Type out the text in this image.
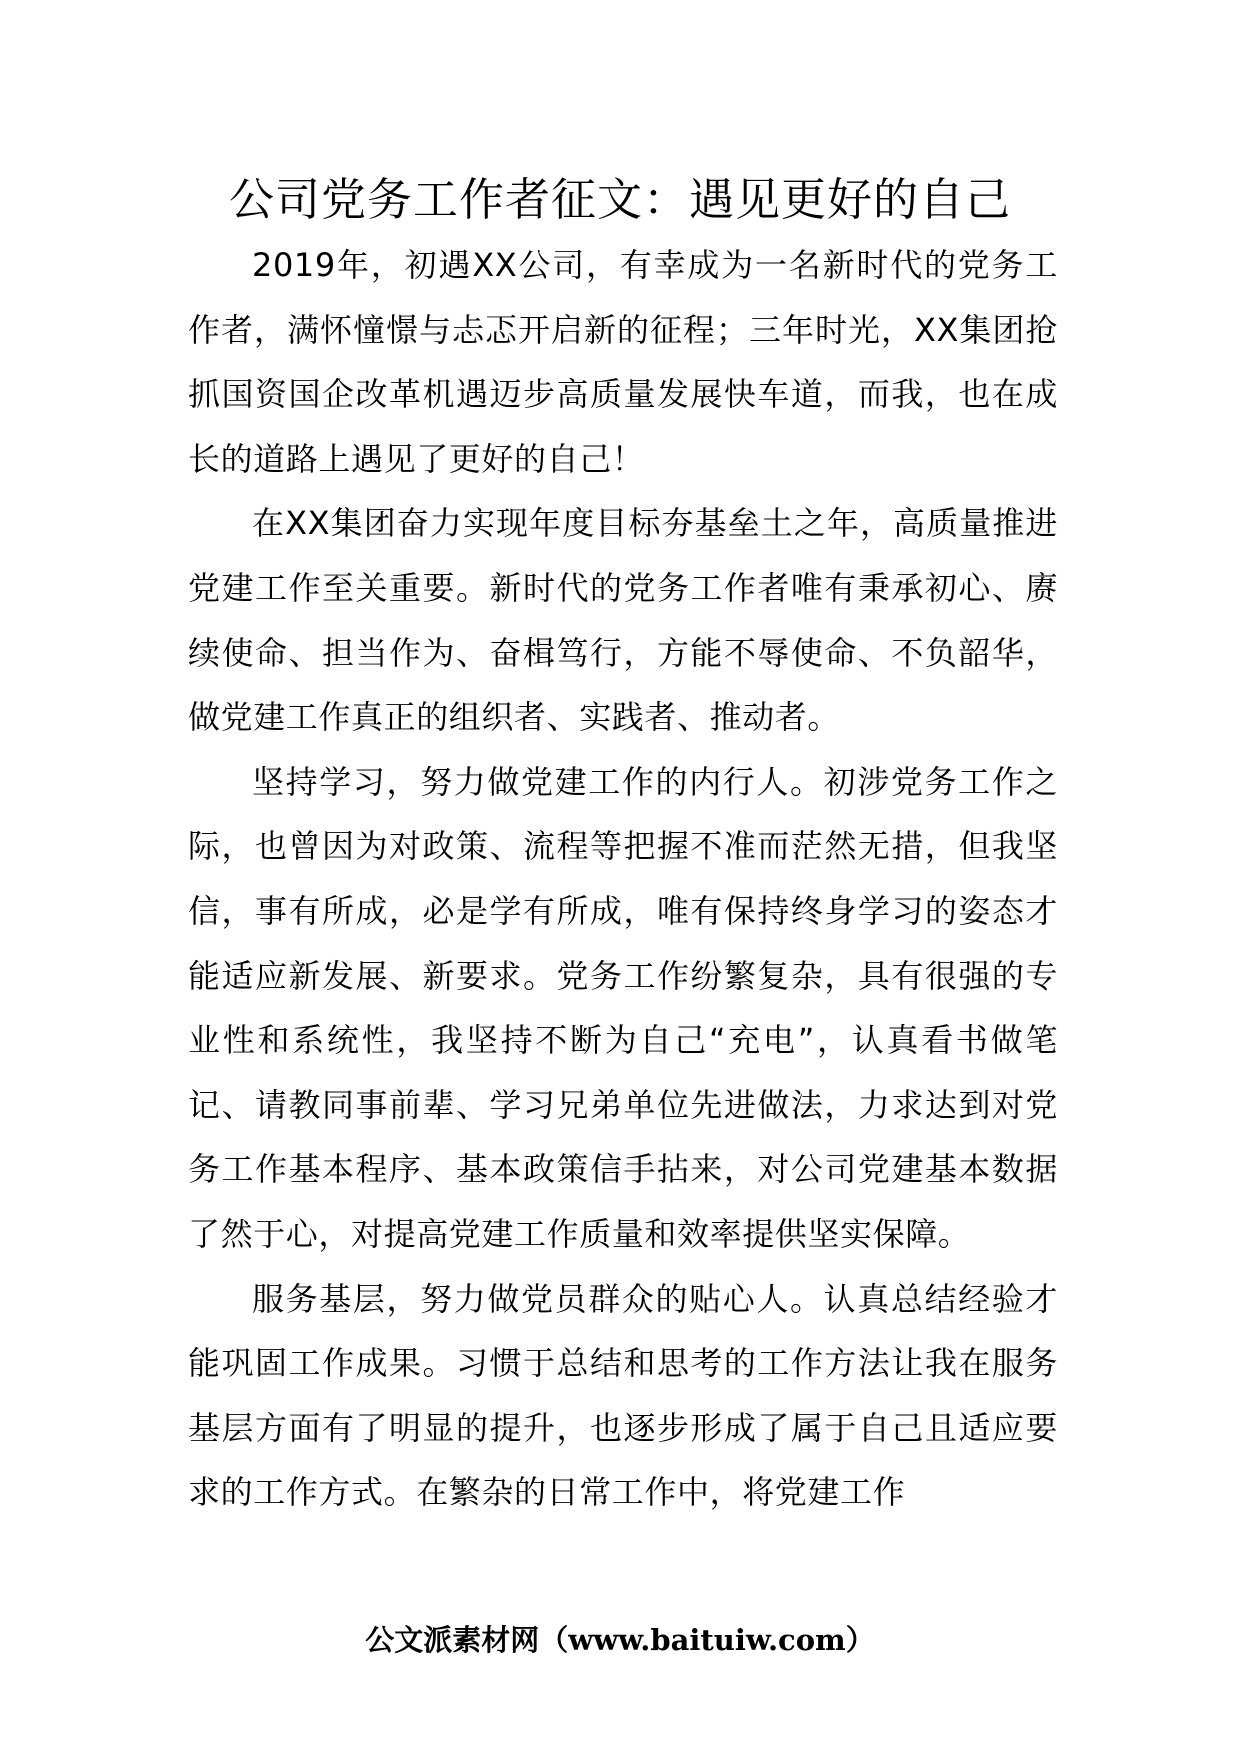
公司党务工作者征文：遇见更好的自己

2019年，初遇XX公司，有幸成为一名新时代的党务工作者，满怀憧憬与忐忑开启新的征程；三年时光，XX集团抢抓国资国企改革机遇迈步高质量发展快车道，而我，也在成长的道路上遇见了更好的自己！

在XX集团奋力实现年度目标夯基垒土之年，高质量推进党建工作至关重要。新时代的党务工作者唯有秉承初心、赓续使命、担当作为、奋楫笃行，方能不辱使命、不负韶华，做党建工作真正的组织者、实践者、推动者。

坚持学习，努力做党建工作的内行人。初涉党务工作之际，也曾因为对政策、流程等把握不准而茫然无措，但我坚信，事有所成，必是学有所成，唯有保持终身学习的姿态才能适应新发展、新要求。党务工作纷繁复杂，具有很强的专业性和系统性，我坚持不断为自己“充电”，认真看书做笔记、请教同事前辈、学习兄弟单位先进做法，力求达到对党务工作基本程序、基本政策信手拈来，对公司党建基本数据了然于心，对提高党建工作质量和效率提供坚实保障。

服务基层，努力做党员群众的贴心人。认真总结经验才能巩固工作成果。习惯于总结和思考的工作方法让我在服务基层方面有了明显的提升，也逐步形成了属于自己且适应要求的工作方式。在繁杂的日常工作中，将党建工作

公文派素材网（www.baituiw.com）
